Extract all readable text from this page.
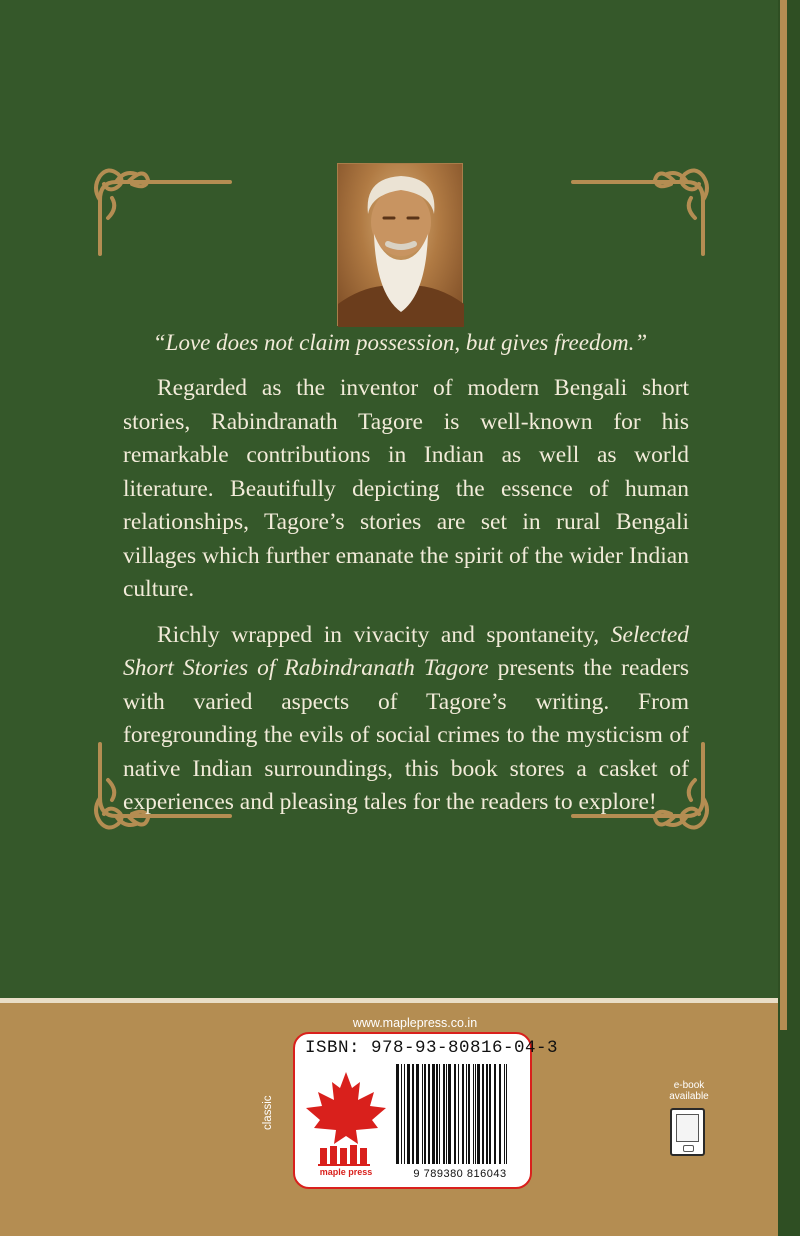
“Love does not claim possession, but gives freedom.”

Regarded as the inventor of modern Bengali short stories, Rabindranath Tagore is well-known for his remarkable contributions in Indian as well as world literature. Beautifully depicting the essence of human relationships, Tagore’s stories are set in rural Bengali villages which further emanate the spirit of the wider Indian culture.

Richly wrapped in vivacity and spontaneity, Selected Short Stories of Rabindranath Tagore presents the readers with varied aspects of Tagore’s writing. From foregrounding the evils of social crimes to the mysticism of native Indian surroundings, this book stores a casket of experiences and pleasing tales for the readers to explore!

www.maplepress.co.in
classic
ISBN: 978-93-80816-04-3
maple press	9 789380 816043
e-book
available
